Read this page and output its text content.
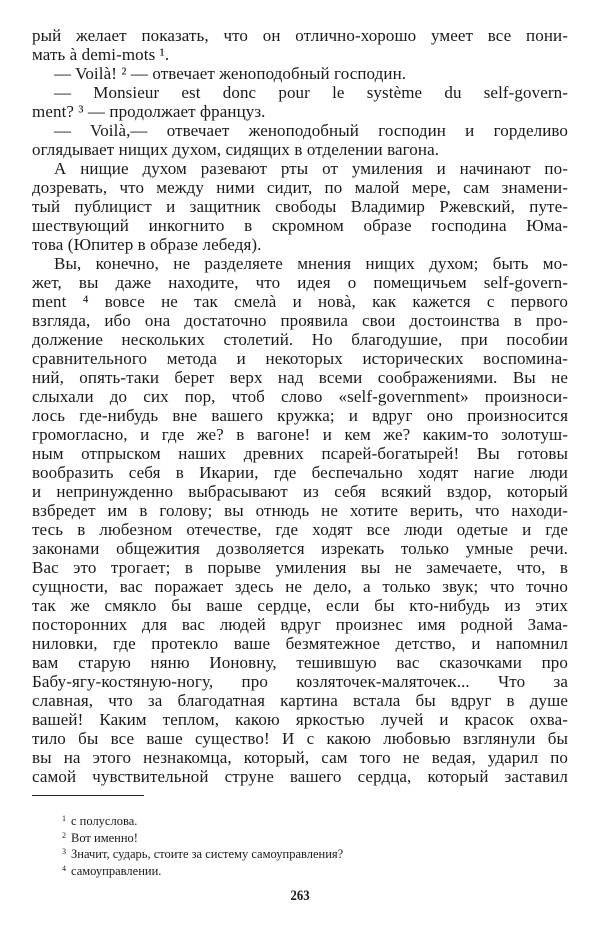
рый желает показать, что он отлично-хорошо умеет все пони-
мать à demi-mots ¹.
— Voilà! ² — отвечает женоподобный господин.
— Monsieur est donc pour le système du self-govern-
ment? ³ — продолжает француз.
— Voilà,— отвечает женоподобный господин и горделиво
оглядывает нищих духом, сидящих в отделении вагона.
А нищие духом разевают рты от умиления и начинают по-
дозревать, что между ними сидит, по малой мере, сам знамени-
тый публицист и защитник свободы Владимир Ржевский, путе-
шествующий инкогнито в скромном образе господина Юма-
това (Юпитер в образе лебедя).
Вы, конечно, не разделяете мнения нищих духом; быть мо-
жет, вы даже находите, что идея о помещичьем self-govern-
ment ⁴ вовсе не так смелà и новà, как кажется с первого
взгляда, ибо она достаточно проявила свои достоинства в про-
должение нескольких столетий. Но благодушие, при пособии
сравнительного метода и некоторых исторических воспомина-
ний, опять-таки берет верх над всеми соображениями. Вы не
слыхали до сих пор, чтоб слово «self-government» произноси-
лось где-нибудь вне вашего кружка; и вдруг оно произносится
громогласно, и где же? в вагоне! и кем же? каким-то золотуш-
ным отпрыском наших древних псарей-богатырей! Вы готовы
вообразить себя в Икарии, где беспечально ходят нагие люди
и непринужденно выбрасывают из себя всякий вздор, который
взбредет им в голову; вы отнюдь не хотите верить, что находи-
тесь в любезном отечестве, где ходят все люди одетые и где
законами общежития дозволяется изрекать только умные речи.
Вас это трогает; в порыве умиления вы не замечаете, что, в
сущности, вас поражает здесь не дело, а только звук; что точно
так же смякло бы ваше сердце, если бы кто-нибудь из этих
посторонних для вас людей вдруг произнес имя родной Зама-
ниловки, где протекло ваше безмятежное детство, и напомнил
вам старую няню Ионовну, тешившую вас сказочками про
Бабу-ягу-костяную-ногу, про козляточек-маляточек... Что за
славная, что за благодатная картина встала бы вдруг в душе
вашей! Каким теплом, какою яркостью лучей и красок охва-
тило бы все ваше существо! И с какою любовью взглянули бы
вы на этого незнакомца, который, сам того не ведая, ударил по
самой чувствительной струне вашего сердца, который заставил
$^1$ с полуслова.
$^2$ Вот именно!
$^3$ Значит, сударь, стоите за систему самоуправления?
$^4$ самоуправлении.
263
